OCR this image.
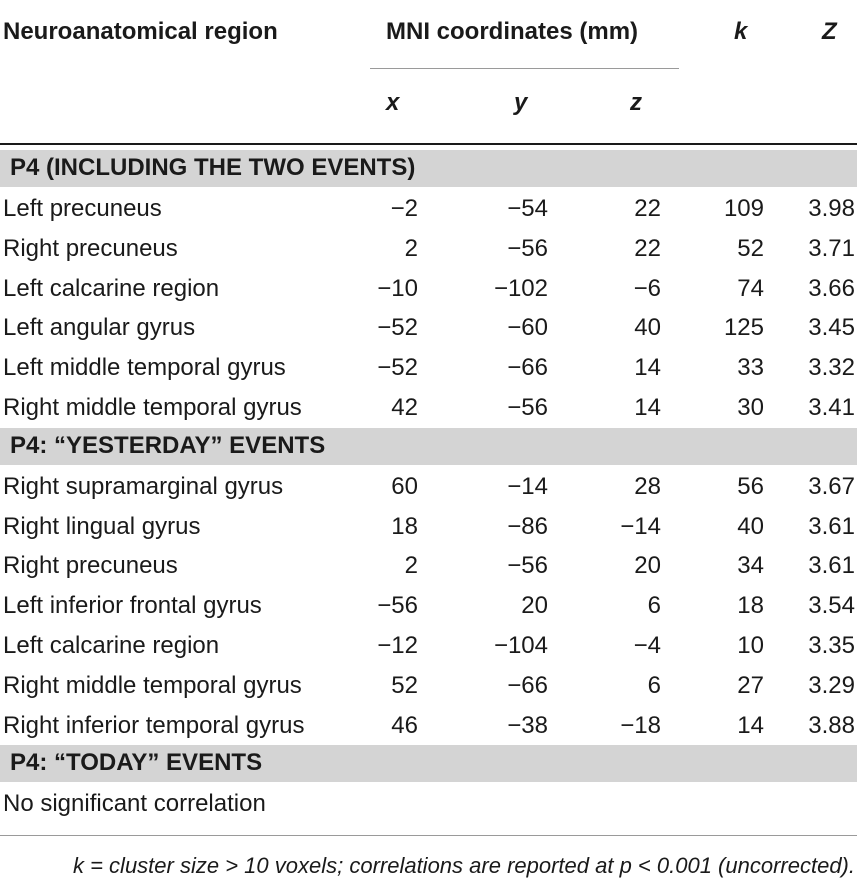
Neuroanatomical region	MNI coordinates (mm)	k	Z
x	y	z
P4 (INCLUDING THE TWO EVENTS)
Left precuneus	−2	−54	22	109 3.98
Right precuneus	2	−56	22	52 3.71
Left calcarine region	−10	−102	−6	74 3.66
Left angular gyrus	−52	−60	40	125 3.45
Left middle temporal gyrus	−52	−66	14	33 3.32
Right middle temporal gyrus	42	−56	14	30 3.41
P4: “YESTERDAY” EVENTS
Right supramarginal gyrus	60	−14	28	56 3.67
Right lingual gyrus	18	−86	−14	40 3.61
Right precuneus	2	−56	20	34 3.61
Left inferior frontal gyrus	−56	20	6	18 3.54
Left calcarine region	−12	−104	−4	10 3.35
Right middle temporal gyrus	52	−66	6	27 3.29
Right inferior temporal gyrus	46	−38	−18	14 3.88
P4: “TODAY” EVENTS
No significant correlation
k = cluster size > 10 voxels; correlations are reported at p < 0.001 (uncorrected).
